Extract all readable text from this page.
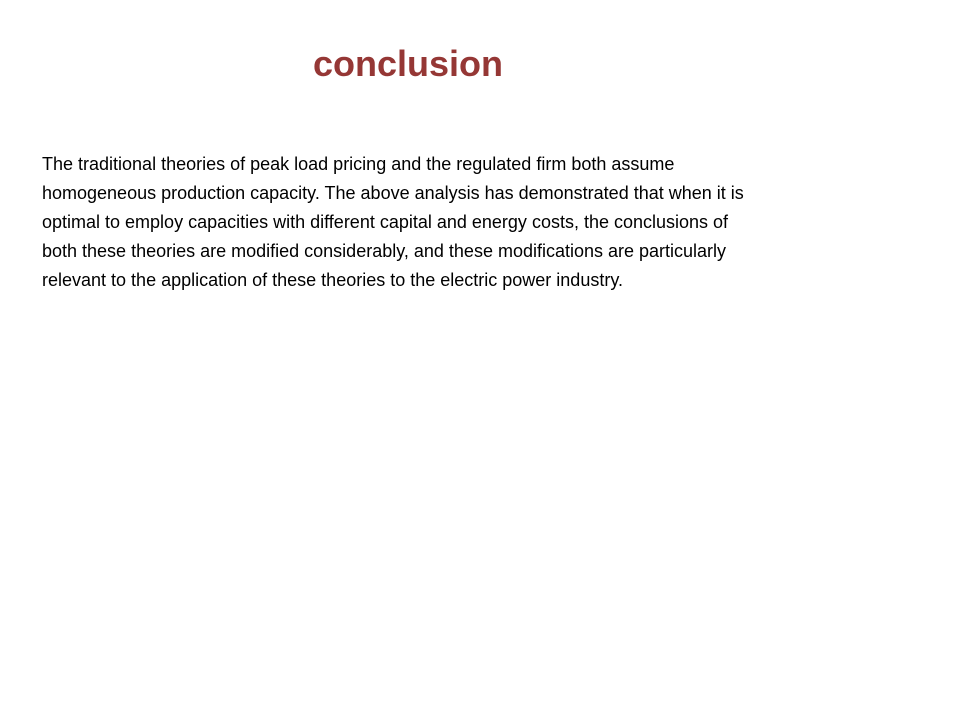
conclusion

The traditional theories of peak load pricing and the regulated firm both assume
homogeneous production capacity. The above analysis has demonstrated that when it is
optimal to employ capacities with different capital and energy costs, the conclusions of
both these theories are modified considerably, and these modifications are particularly
relevant to the application of these theories to the electric power industry.
